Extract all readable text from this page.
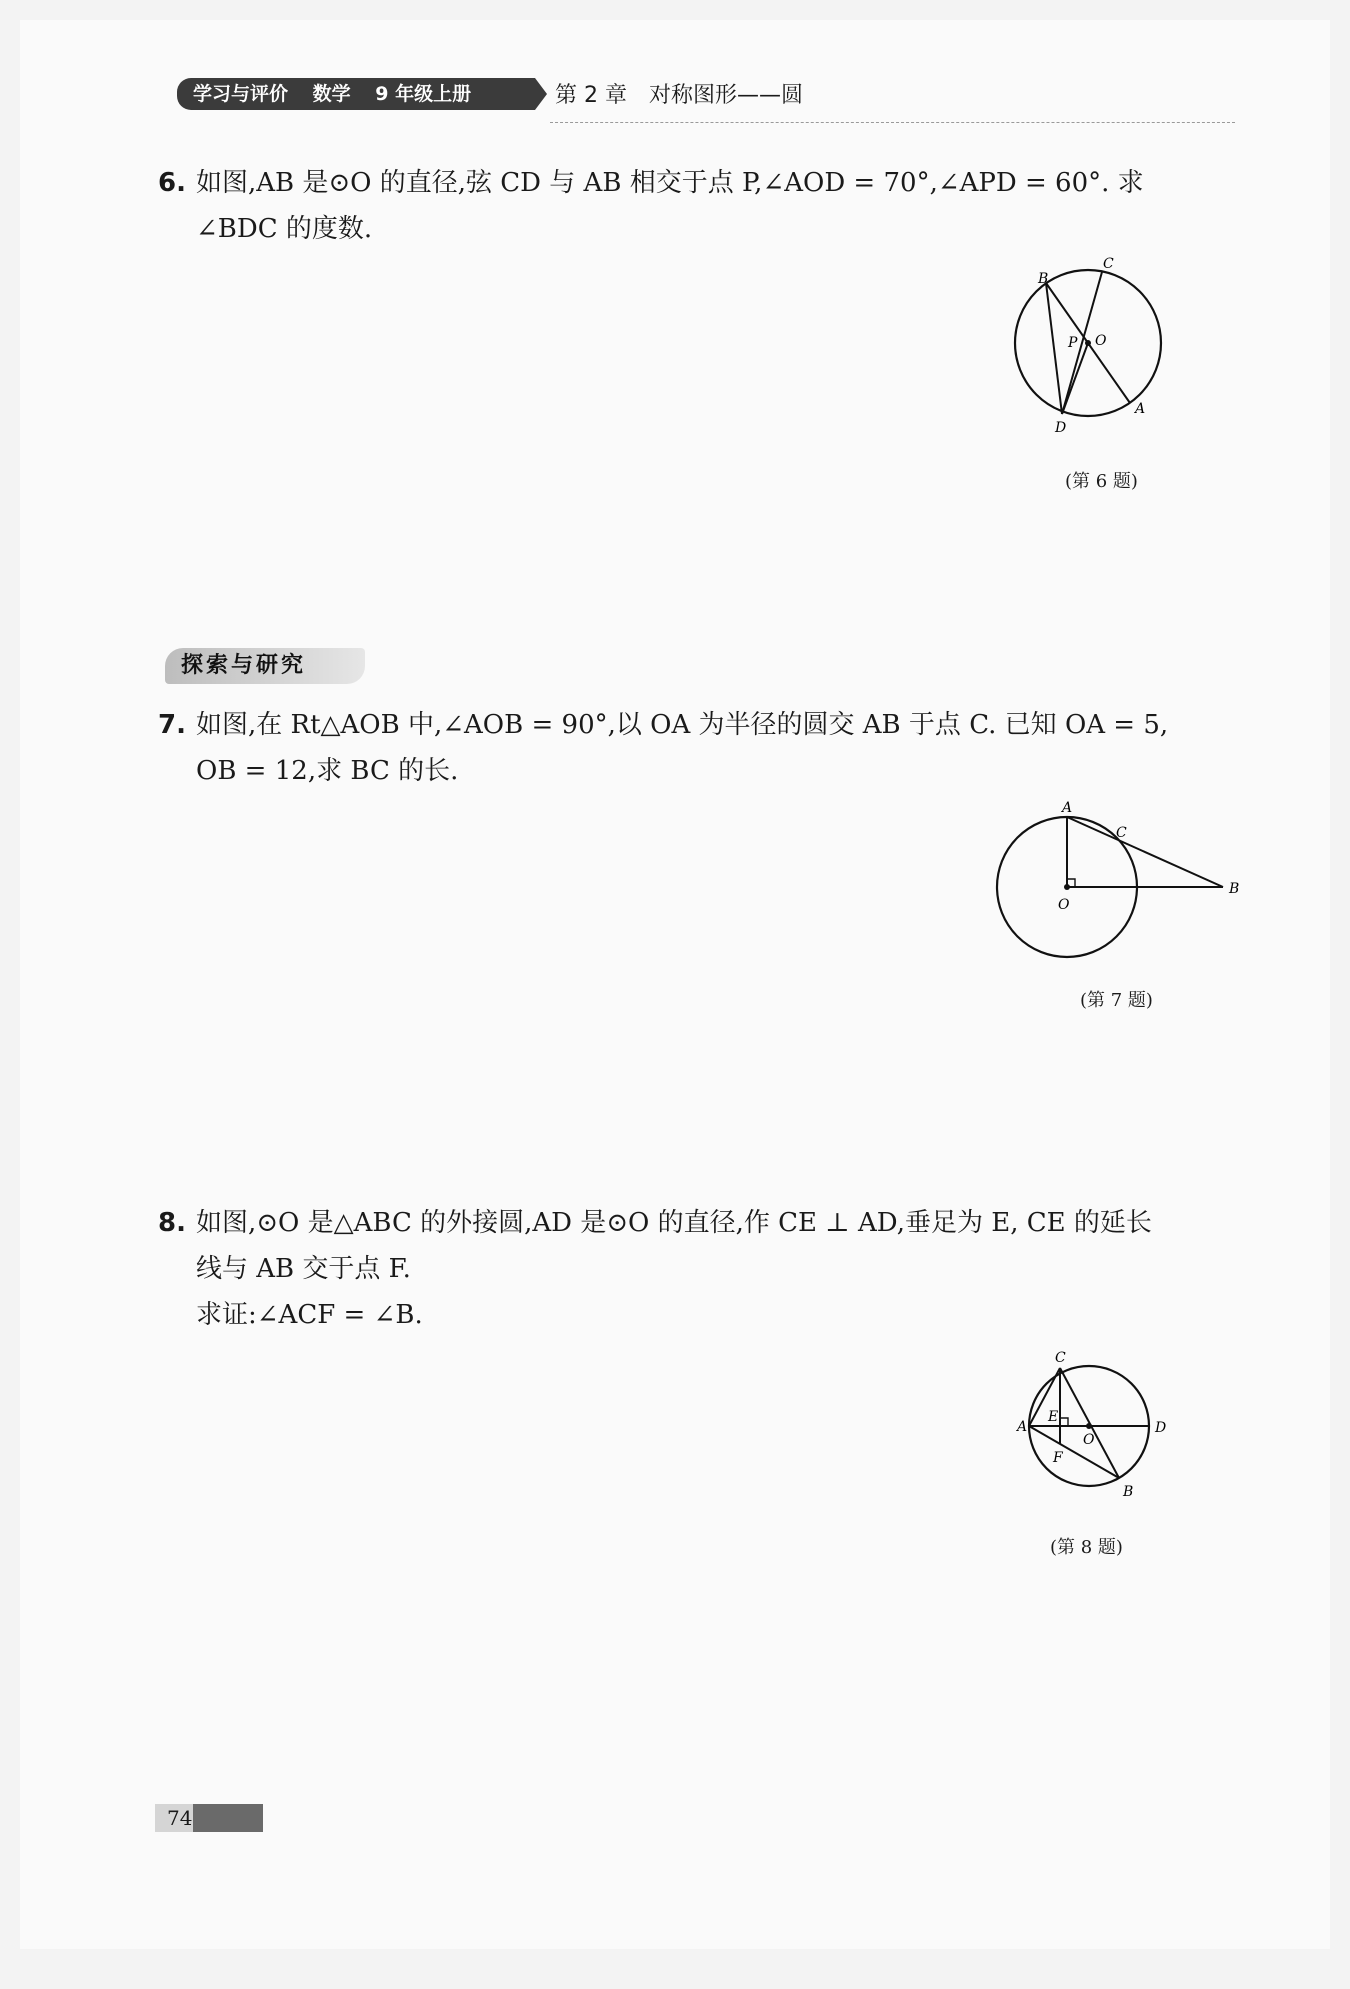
学习与评价 数学 9 年级上册	第 2 章　对称图形——圆
6. 如图,AB 是⊙O 的直径,弦 CD 与 AB 相交于点 P,∠AOD = 70°,∠APD = 60°. 求
∠BDC 的度数.
B
C
P O
A
D
(第 6 题)
探索与研究
7. 如图,在 Rt△AOB 中,∠AOB = 90°,以 OA 为半径的圆交 AB 于点 C. 已知 OA = 5,
OB = 12,求 BC 的长.
A
C
B
O
(第 7 题)
8. 如图,⊙O 是△ABC 的外接圆,AD 是⊙O 的直径,作 CE ⊥ AD,垂足为 E, CE 的延长
线与 AB 交于点 F.
求证:∠ACF = ∠B.
C
A
E
O
D
F
B
(第 8 题)
74
